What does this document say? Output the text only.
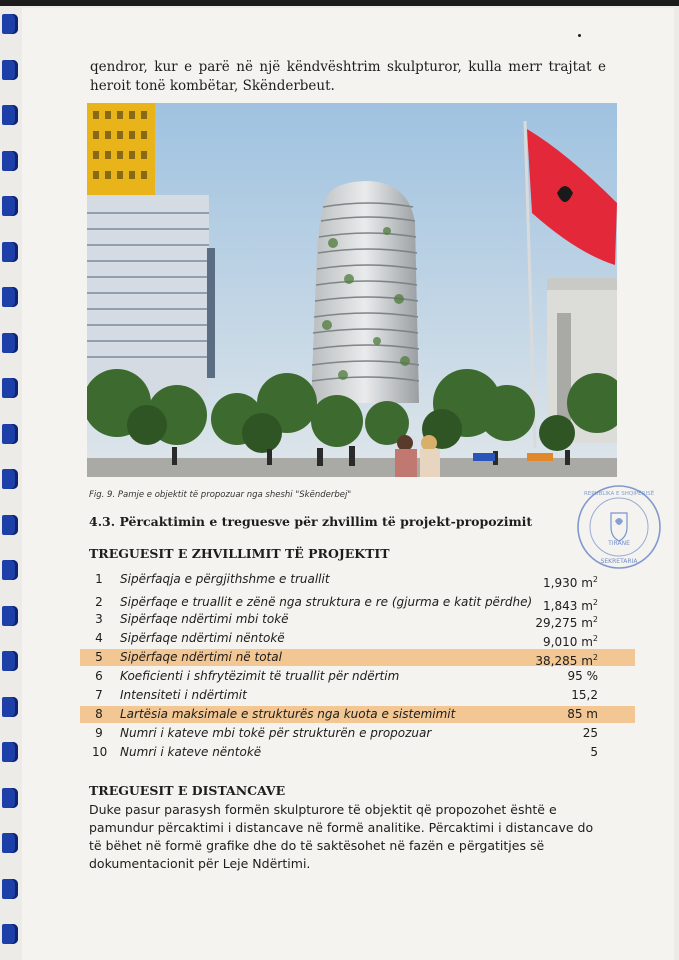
qendror, kur e parë në një këndvështrim skulpturor, kulla merr trajtat e heroit tonë kombëtar, Skënderbeut.

Fig. 9. Pamje e objektit të propozuar nga sheshi "Skënderbej"
4.3. Përcaktimin e treguesve për zhvillim të projekt-propozimit
TIRANË
SEKRETARIA
REPUBLIKA E SHQIPËRISË
TREGUESIT E ZHVILLIMIT TË PROJEKTIT
1 Sipërfaqja e përgjithshme e truallit	1,930 $m^2$
2 Sipërfaqe e truallit e zënë nga struktura e re (gjurma e katit përdhe) 1,843 $m^2$
3 Sipërfaqe ndërtimi mbi tokë	29,275 $m^2$
4 Sipërfaqe ndërtimi nëntokë	9,010 $m^2$
5 Sipërfaqe ndërtimi në total	38,285 $m^2$
6 Koeficienti i shfrytëzimit të truallit për ndërtim	95 %
7 Intensiteti i ndërtimit	15,2
8 Lartësia maksimale e strukturës nga kuota e sistemimit	85 m
9 Numri i kateve mbi tokë për strukturën e propozuar	25
10 Numri i kateve nëntokë	5
TREGUESIT E DISTANCAVE

Duke pasur parasysh formën skulpturore të objektit që propozohet është e pamundur përcaktimi i distancave në formë analitike. Përcaktimi i distancave do të bëhet në formë grafike dhe do të saktësohet në fazën e përgatitjes së dokumentacionit për Leje Ndërtimi.
